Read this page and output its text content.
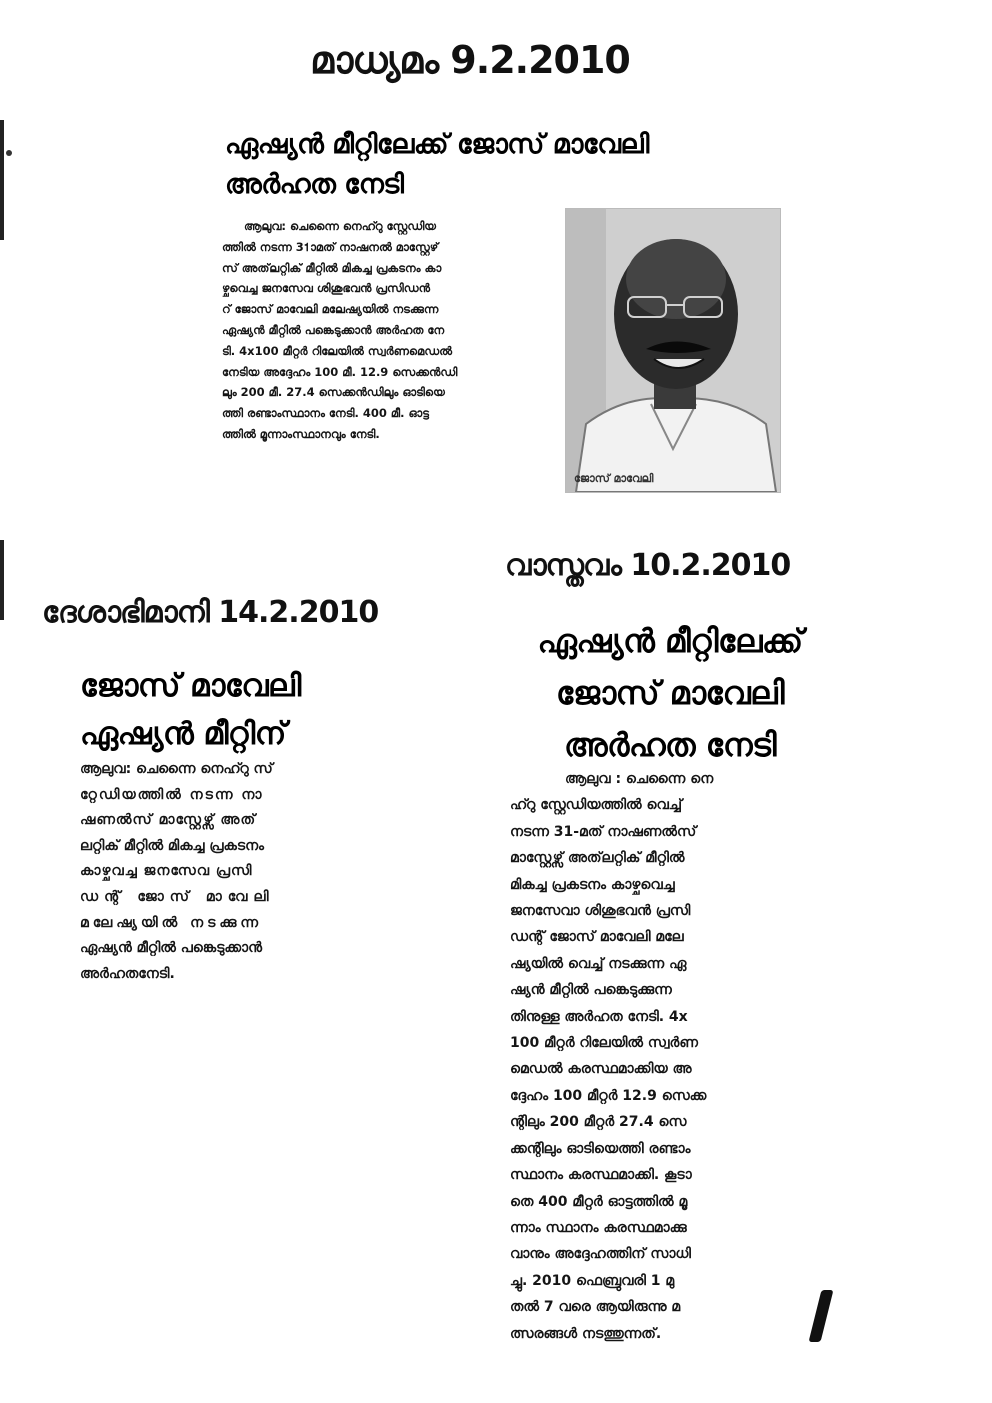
മാധ്യമം 9.2.2010
ഏഷ്യൻ മീറ്റിലേക്ക് ജോസ് മാവേലി
അർഹത നേടി
ആലുവ: ചെന്നൈ നെഹ്റു സ്റ്റേഡിയ
ത്തിൽ നടന്ന 31ാമത് നാഷനൽ മാസ്റ്റേഴ്
സ് അത്‌ലറ്റിക് മീറ്റിൽ മികച്ച പ്രകടനം കാ
ഴ്ചവെച്ച ജനസേവ ശിശുഭവൻ പ്രസിഡൻ
റ് ജോസ് മാവേലി മലേഷ്യയിൽ നടക്കുന്ന
ഏഷ്യൻ മീറ്റിൽ പങ്കെടുക്കാൻ അർഹത നേ
ടി. 4x100 മീറ്റർ റിലേയിൽ സ്വർണമെഡൽ
നേടിയ അദ്ദേഹം 100 മീ. 12.9 സെക്കൻഡി
ലും 200 മീ. 27.4 സെക്കൻഡിലും ഓടിയെ
ത്തി രണ്ടാംസ്ഥാനം നേടി. 400 മീ. ഓട്ട
ത്തിൽ മൂന്നാംസ്ഥാനവും നേടി.
ജോസ് മാവേലി
വാസ്തവം 10.2.2010
ദേശാഭിമാനി 14.2.2010
ജോസ് മാവേലി
ഏഷ്യൻ മീറ്റിന്
ആലുവ: ചെന്നൈ നെഹ്റു സ്
റ്റേഡിയത്തിൽ നടന്ന നാ
ഷണൽസ് മാസ്റ്റേഴ്സ് അത്
ലറ്റിക് മീറ്റിൽ മികച്ച പ്രകടനം
കാഴ്ചവച്ച ജനസേവ പ്രസി
ഡന്റ് ജോസ് മാവേലി
മലേഷ്യയിൽ നടക്കുന്ന
ഏഷ്യൻ മീറ്റിൽ പങ്കെടുക്കാൻ
അർഹതനേടി.
ഏഷ്യൻ മീറ്റിലേക്ക്
ജോസ് മാവേലി
അർഹത നേടി
ആലുവ : ചെന്നൈ നെ
ഹ്റു സ്റ്റേഡിയത്തിൽ വെച്ച്
നടന്ന 31-മത് നാഷണൽസ്
മാസ്റ്റേഴ്സ് അത്‌ലറ്റിക് മീറ്റിൽ
മികച്ച പ്രകടനം കാഴ്ചവെച്ച
ജനസേവാ ശിശുഭവൻ പ്രസി
ഡന്റ് ജോസ് മാവേലി മലേ
ഷ്യയിൽ വെച്ച് നടക്കുന്ന ഏ
ഷ്യൻ മീറ്റിൽ പങ്കെടുക്കുന്ന
തിനുള്ള അർഹത നേടി. 4x
100 മീറ്റർ റിലേയിൽ സ്വർണ
മെഡൽ കരസ്ഥമാക്കിയ അ
ദ്ദേഹം 100 മീറ്റർ 12.9 സെക്ക
ന്റിലും 200 മീറ്റർ 27.4 സെ
ക്കന്റിലും ഓടിയെത്തി രണ്ടാം
സ്ഥാനം കരസ്ഥമാക്കി. കൂടാ
തെ 400 മീറ്റർ ഓട്ടത്തിൽ മൂ
ന്നാം സ്ഥാനം കരസ്ഥമാക്കു
വാനും അദ്ദേഹത്തിന് സാധി
ച്ചു. 2010 ഫെബ്രുവരി 1 മു
തൽ 7 വരെ ആയിരുന്നു മ
ത്സരങ്ങൾ നടത്തുന്നത്.
